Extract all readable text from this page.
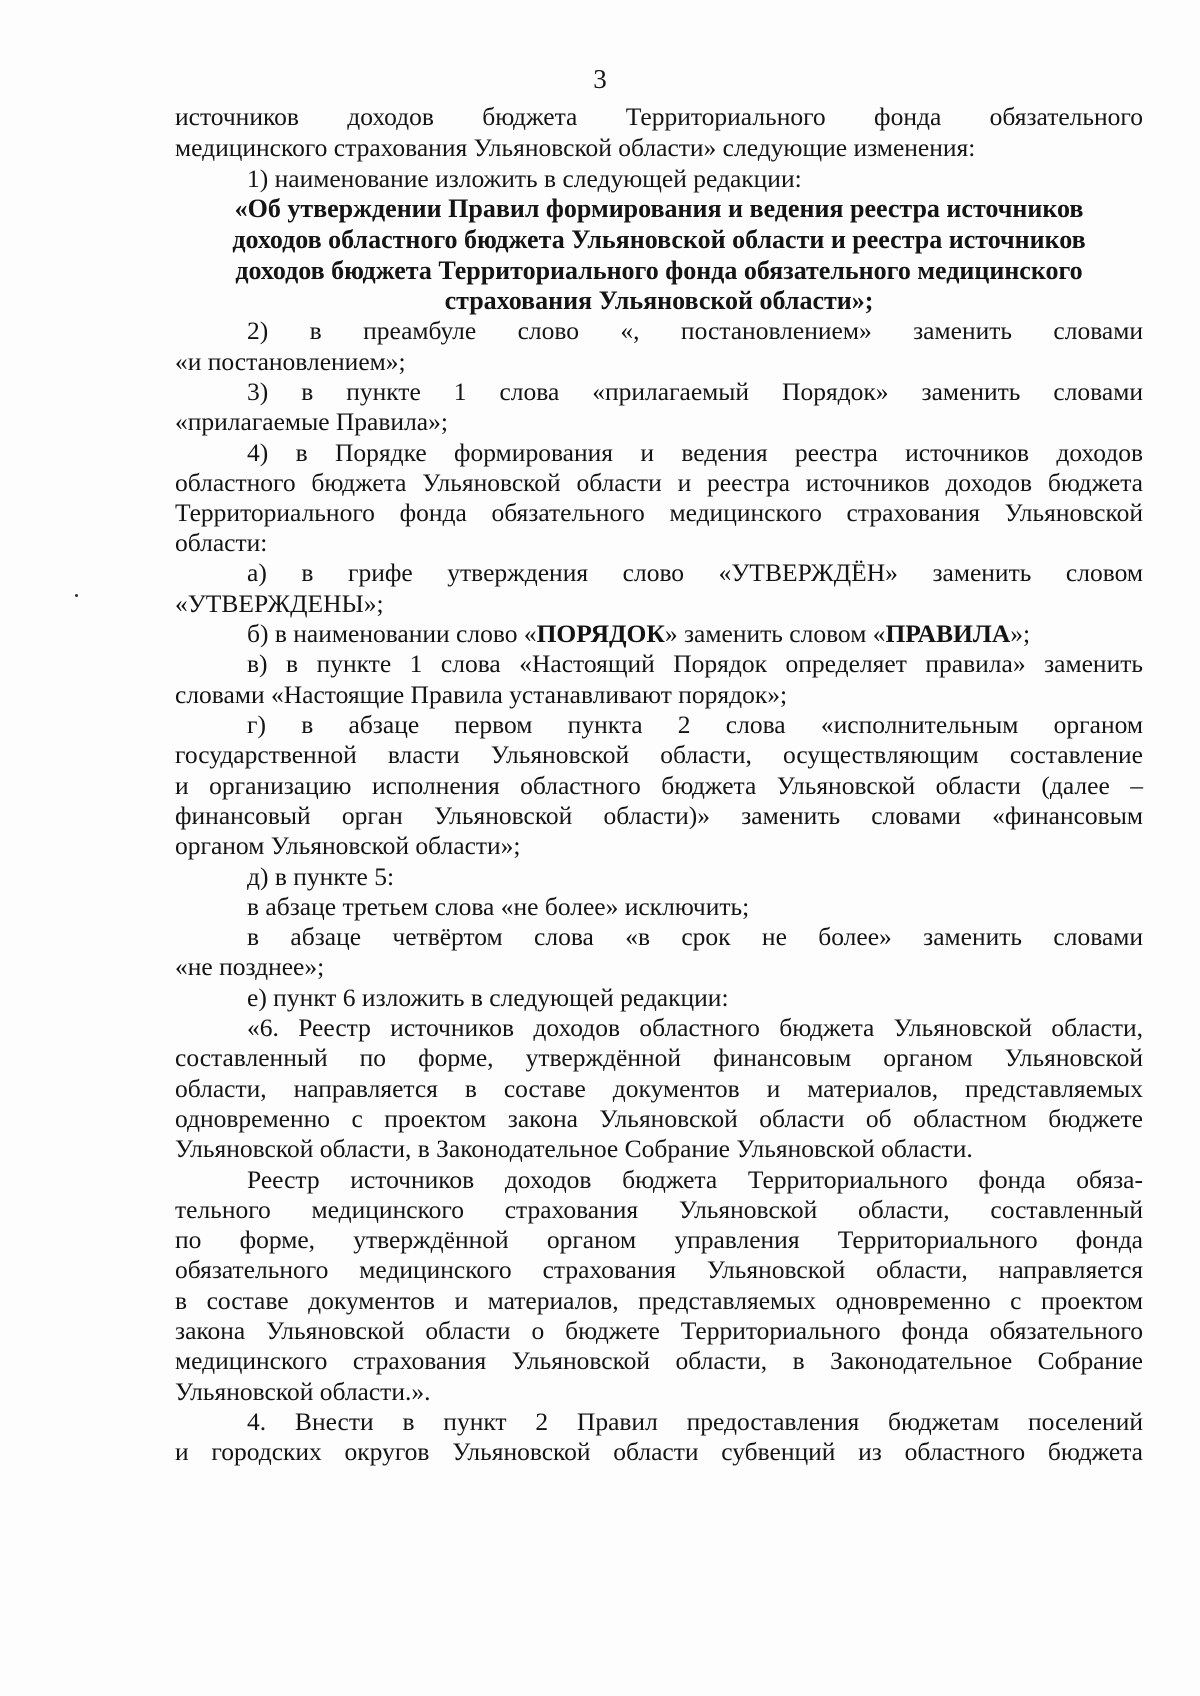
3
источников доходов бюджета Территориального фонда обязательного
медицинского страхования Ульяновской области» следующие изменения:
1) наименование изложить в следующей редакции:
«Об утверждении Правил формирования и ведения реестра источников
доходов областного бюджета Ульяновской области и реестра источников
доходов бюджета Территориального фонда обязательного медицинского
страхования Ульяновской области»;
2) в преамбуле слово «, постановлением» заменить словами
«и постановлением»;
3) в пункте 1 слова «прилагаемый Порядок» заменить словами
«прилагаемые Правила»;
4) в Порядке формирования и ведения реестра источников доходов
областного бюджета Ульяновской области и реестра источников доходов бюджета
Территориального фонда обязательного медицинского страхования Ульяновской
области:
а) в грифе утверждения слово «УТВЕРЖДЁН» заменить словом
«УТВЕРЖДЕНЫ»;
б) в наименовании слово «ПОРЯДОК» заменить словом «ПРАВИЛА»;
в) в пункте 1 слова «Настоящий Порядок определяет правила» заменить
словами «Настоящие Правила устанавливают порядок»;
г) в абзаце первом пункта 2 слова «исполнительным органом
государственной власти Ульяновской области, осуществляющим составление
и организацию исполнения областного бюджета Ульяновской области (далее –
финансовый орган Ульяновской области)» заменить словами «финансовым
органом Ульяновской области»;
д) в пункте 5:
в абзаце третьем слова «не более» исключить;
в абзаце четвёртом слова «в срок не более» заменить словами
«не позднее»;
е) пункт 6 изложить в следующей редакции:
«6. Реестр источников доходов областного бюджета Ульяновской области,
составленный по форме, утверждённой финансовым органом Ульяновской
области, направляется в составе документов и материалов, представляемых
одновременно с проектом закона Ульяновской области об областном бюджете
Ульяновской области, в Законодательное Собрание Ульяновской области.
Реестр источников доходов бюджета Территориального фонда обяза-
тельного медицинского страхования Ульяновской области, составленный
по форме, утверждённой органом управления Территориального фонда
обязательного медицинского страхования Ульяновской области, направляется
в составе документов и материалов, представляемых одновременно с проектом
закона Ульяновской области о бюджете Территориального фонда обязательного
медицинского страхования Ульяновской области, в Законодательное Собрание
Ульяновской области.».
4. Внести в пункт 2 Правил предоставления бюджетам поселений
и городских округов Ульяновской области субвенций из областного бюджета
